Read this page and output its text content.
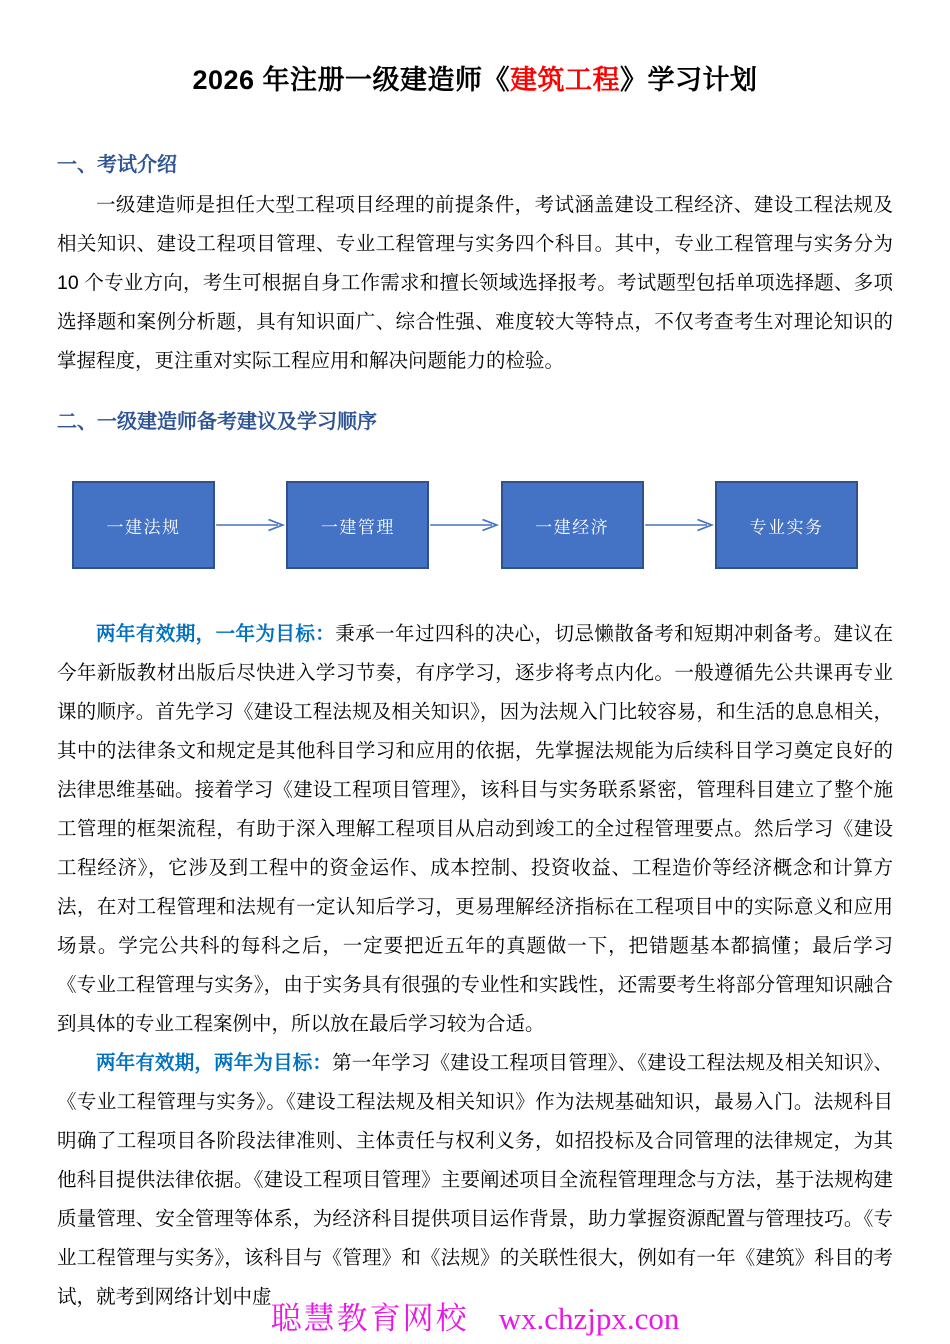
2026 年注册一级建造师《建筑工程》学习计划
一、考试介绍

一级建造师是担任大型工程项目经理的前提条件，考试涵盖建设工程经济、建设工程法规及相关知识、建设工程项目管理、专业工程管理与实务四个科目。其中，专业工程管理与实务分为 10 个专业方向，考生可根据自身工作需求和擅长领域选择报考。考试题型包括单项选择题、多项选择题和案例分析题，具有知识面广、综合性强、难度较大等特点，不仅考查考生对理论知识的掌握程度，更注重对实际工程应用和解决问题能力的检验。

二、一级建造师备考建议及学习顺序
一建法规	一建管理	一建经济	专业实务

两年有效期，一年为目标：秉承一年过四科的决心，切忌懒散备考和短期冲刺备考。建议在今年新版教材出版后尽快进入学习节奏，有序学习，逐步将考点内化。一般遵循先公共课再专业课的顺序。首先学习《建设工程法规及相关知识》，因为法规入门比较容易，和生活的息息相关，其中的法律条文和规定是其他科目学习和应用的依据，先掌握法规能为后续科目学习奠定良好的法律思维基础。接着学习《建设工程项目管理》，该科目与实务联系紧密，管理科目建立了整个施工管理的框架流程，有助于深入理解工程项目从启动到竣工的全过程管理要点。然后学习《建设工程经济》，它涉及到工程中的资金运作、成本控制、投资收益、工程造价等经济概念和计算方法，在对工程管理和法规有一定认知后学习，更易理解经济指标在工程项目中的实际意义和应用场景。学完公共科的每科之后，一定要把近五年的真题做一下，把错题基本都搞懂；最后学习《专业工程管理与实务》，由于实务具有很强的专业性和实践性，还需要考生将部分管理知识融合到具体的专业工程案例中，所以放在最后学习较为合适。

两年有效期，两年为目标：第一年学习《建设工程项目管理》、《建设工程法规及相关知识》、《专业工程管理与实务》。《建设工程法规及相关知识》作为法规基础知识，最易入门。法规科目明确了工程项目各阶段法律准则、主体责任与权利义务，如招投标及合同管理的法律规定，为其他科目提供法律依据。《建设工程项目管理》主要阐述项目全流程管理理念与方法，基于法规构建质量管理、安全管理等体系，为经济科目提供项目运作背景，助力掌握资源配置与管理技巧。《专业工程管理与实务》，该科目与《管理》和《法规》的关联性很大，例如有一年《建筑》科目的考试，就考到网络计划中虚

聪慧教育网校 wx.chzjpx.con
